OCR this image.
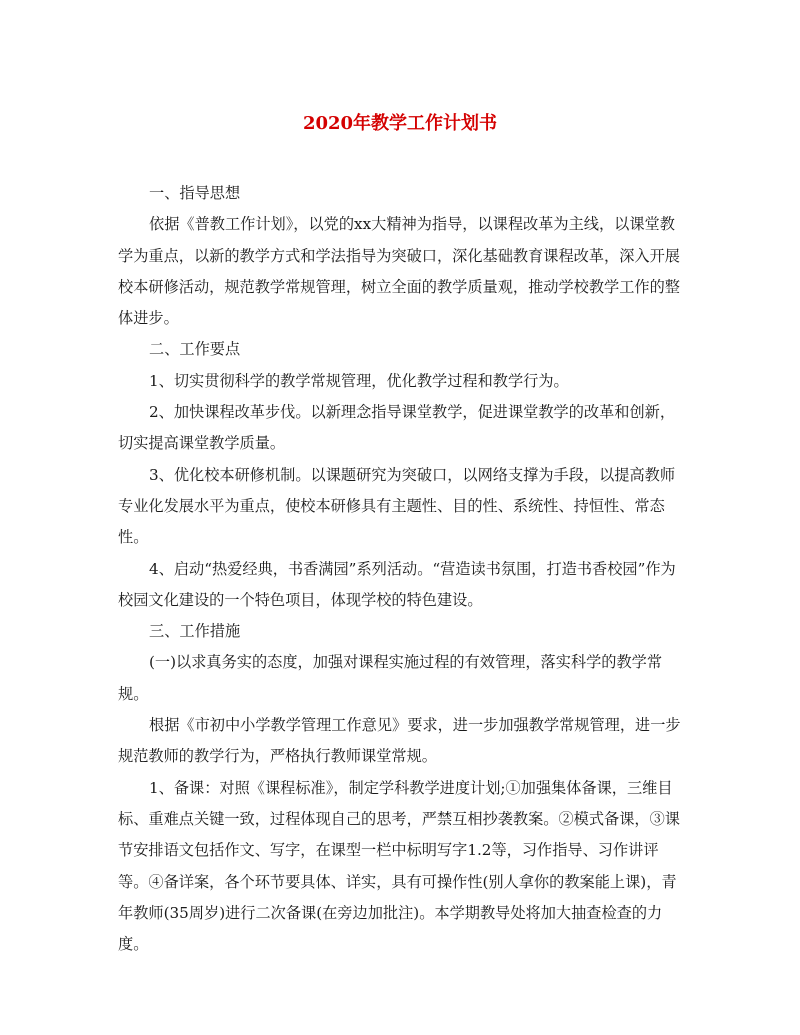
2020年教学工作计划书

一、指导思想

依据《普教工作计划》，以党的xx大精神为指导，以课程改革为主线，以课堂教学为重点，以新的教学方式和学法指导为突破口，深化基础教育课程改革，深入开展校本研修活动，规范教学常规管理，树立全面的教学质量观，推动学校教学工作的整体进步。

二、工作要点

1、切实贯彻科学的教学常规管理，优化教学过程和教学行为。

2、加快课程改革步伐。以新理念指导课堂教学，促进课堂教学的改革和创新，切实提高课堂教学质量。

3、优化校本研修机制。以课题研究为突破口，以网络支撑为手段，以提高教师专业化发展水平为重点，使校本研修具有主题性、目的性、系统性、持恒性、常态性。

4、启动“热爱经典，书香满园”系列活动。“营造读书氛围，打造书香校园”作为校园文化建设的一个特色项目，体现学校的特色建设。

三、工作措施

(一)以求真务实的态度，加强对课程实施过程的有效管理，落实科学的教学常规。

根据《市初中小学教学管理工作意见》要求，进一步加强教学常规管理，进一步规范教师的教学行为，严格执行教师课堂常规。

1、备课：对照《课程标准》，制定学科教学进度计划;①加强集体备课，三维目标、重难点关键一致，过程体现自己的思考，严禁互相抄袭教案。②模式备课，③课节安排语文包括作文、写字，在课型一栏中标明写字1.2等，习作指导、习作讲评等。④备详案，各个环节要具体、详实，具有可操作性(别人拿你的教案能上课)，青年教师(35周岁)进行二次备课(在旁边加批注)。本学期教导处将加大抽查检查的力度。
